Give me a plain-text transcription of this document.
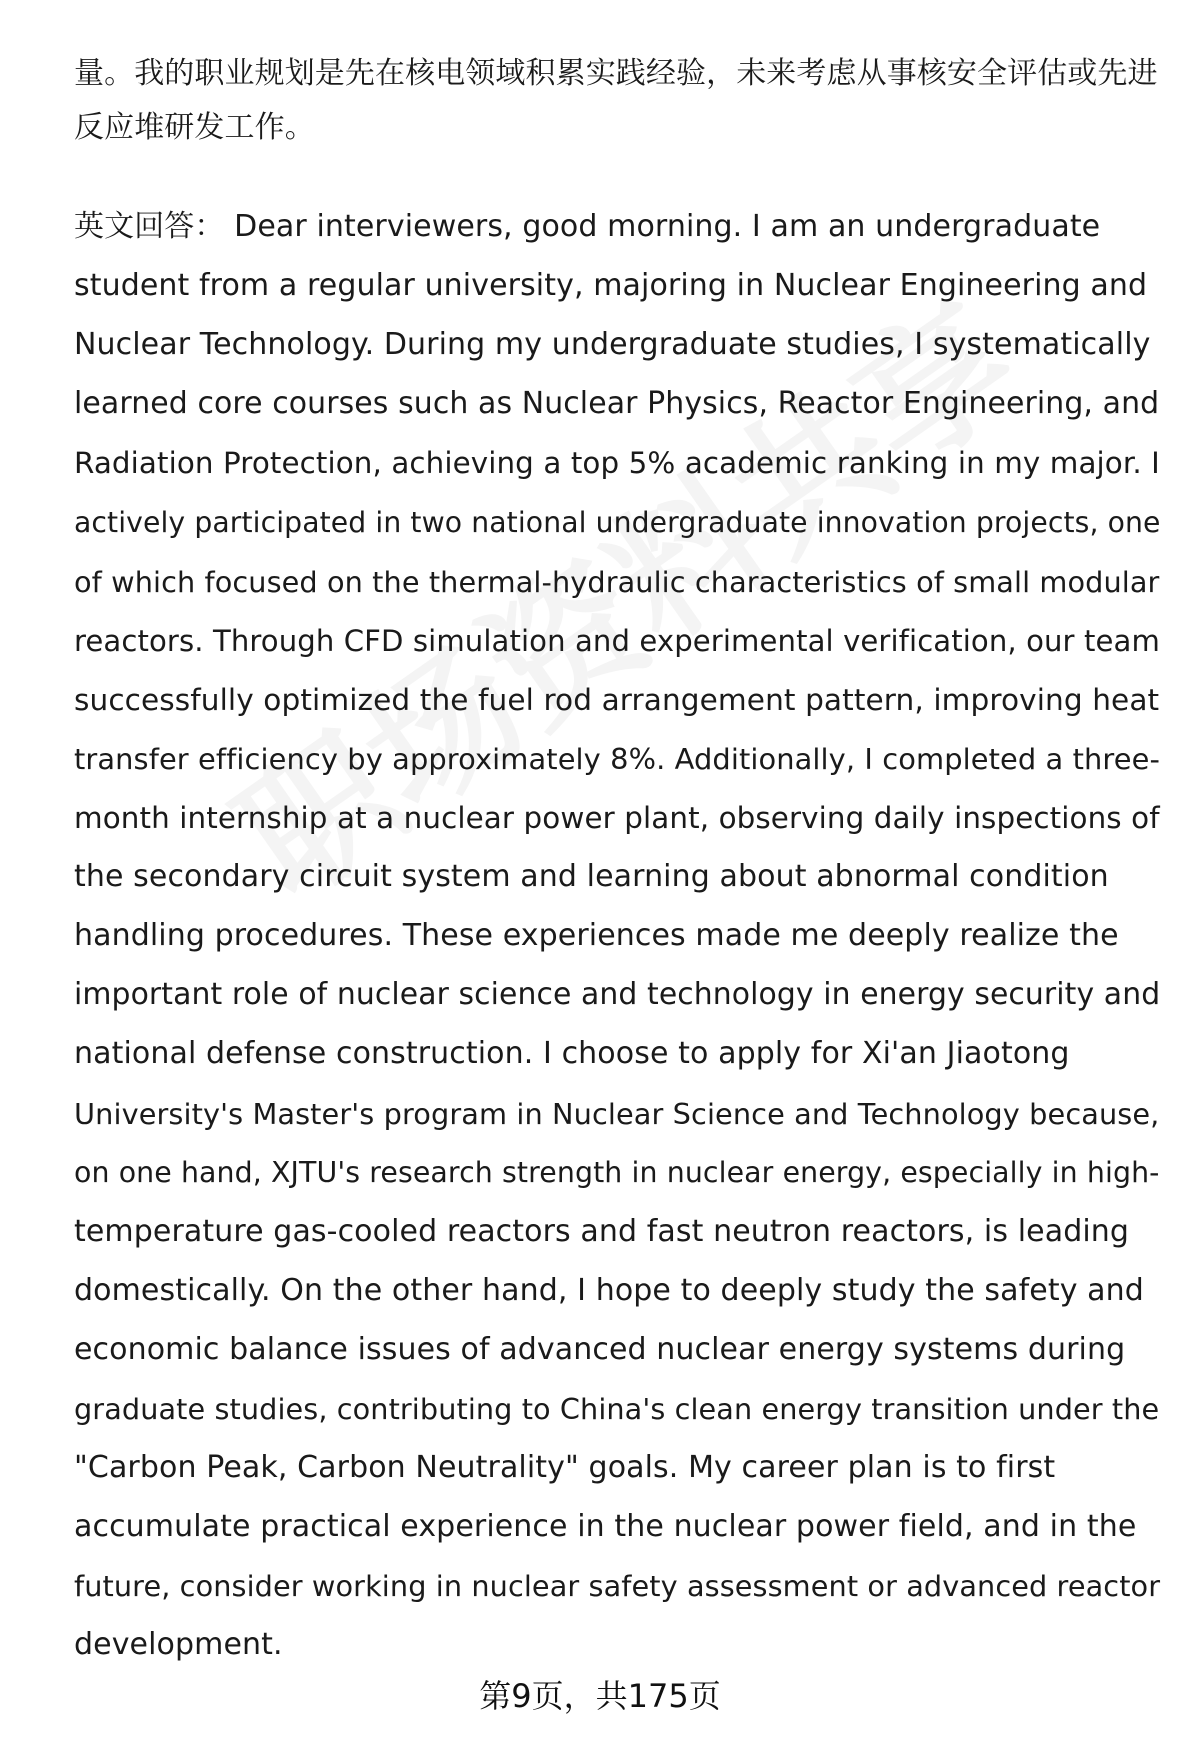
量。我的职业规划是先在核电领域积累实践经验，未来考虑从事核安全评估或先进
反应堆研发工作。
英文回答： Dear interviewers, good morning. I am an undergraduate
student from a regular university, majoring in Nuclear Engineering and
Nuclear Technology. During my undergraduate studies, I systematically
learned core courses such as Nuclear Physics, Reactor Engineering, and
Radiation Protection, achieving a top 5% academic ranking in my major. I
actively participated in two national undergraduate innovation projects, one
of which focused on the thermal-hydraulic characteristics of small modular
reactors. Through CFD simulation and experimental verification, our team
successfully optimized the fuel rod arrangement pattern, improving heat
transfer efficiency by approximately 8%. Additionally, I completed a three-
month internship at a nuclear power plant, observing daily inspections of
the secondary circuit system and learning about abnormal condition
handling procedures. These experiences made me deeply realize the
important role of nuclear science and technology in energy security and
national defense construction. I choose to apply for Xi'an Jiaotong
University's Master's program in Nuclear Science and Technology because,
on one hand, XJTU's research strength in nuclear energy, especially in high-
temperature gas-cooled reactors and fast neutron reactors, is leading
domestically. On the other hand, I hope to deeply study the safety and
economic balance issues of advanced nuclear energy systems during
graduate studies, contributing to China's clean energy transition under the
"Carbon Peak, Carbon Neutrality" goals. My career plan is to first
accumulate practical experience in the nuclear power field, and in the
future, consider working in nuclear safety assessment or advanced reactor
development.
第9页，共175页
